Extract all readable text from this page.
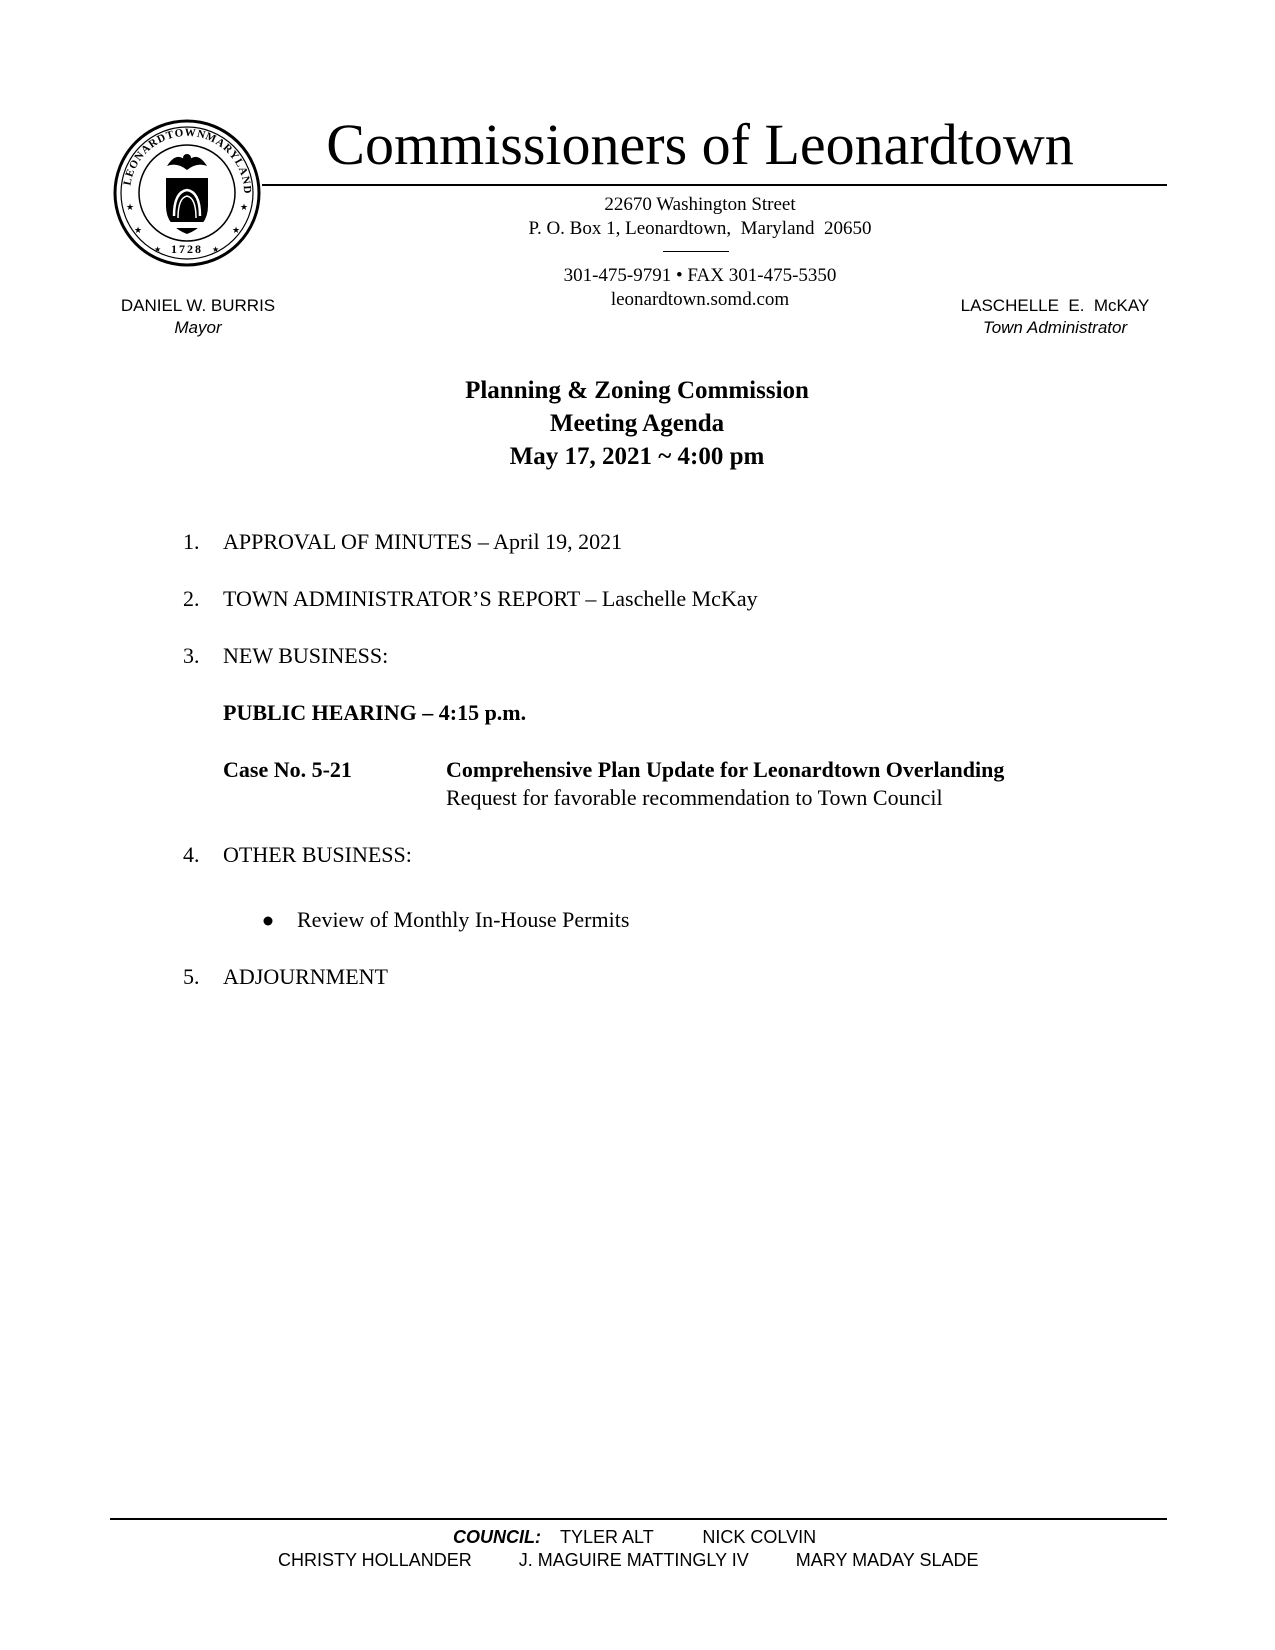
LEONARDTOWN
MARYLAND
1728
★	★
★	★
★	★
Commissioners of Leonardtown
22670 Washington Street
P. O. Box 1, Leonardtown,  Maryland  20650
301-475-9791 • FAX 301-475-5350
leonardtown.somd.com
DANIEL W. BURRIS
Mayor
LASCHELLE  E.  McKAY
Town Administrator
Planning & Zoning Commission
Meeting Agenda
May 17, 2021 ~ 4:00 pm
1.	APPROVAL OF MINUTES – April 19, 2021
2.	TOWN ADMINISTRATOR’S REPORT – Laschelle McKay
3.	NEW BUSINESS:
PUBLIC HEARING – 4:15 p.m.
Case No. 5-21	Comprehensive Plan Update for Leonardtown Overlanding
Request for favorable recommendation to Town Council
4.	OTHER BUSINESS:
Review of Monthly In-House Permits
5.	ADJOURNMENT
COUNCIL: TYLER ALT	NICK COLVIN
CHRISTY HOLLANDER	J. MAGUIRE MATTINGLY IV	MARY MADAY SLADE
